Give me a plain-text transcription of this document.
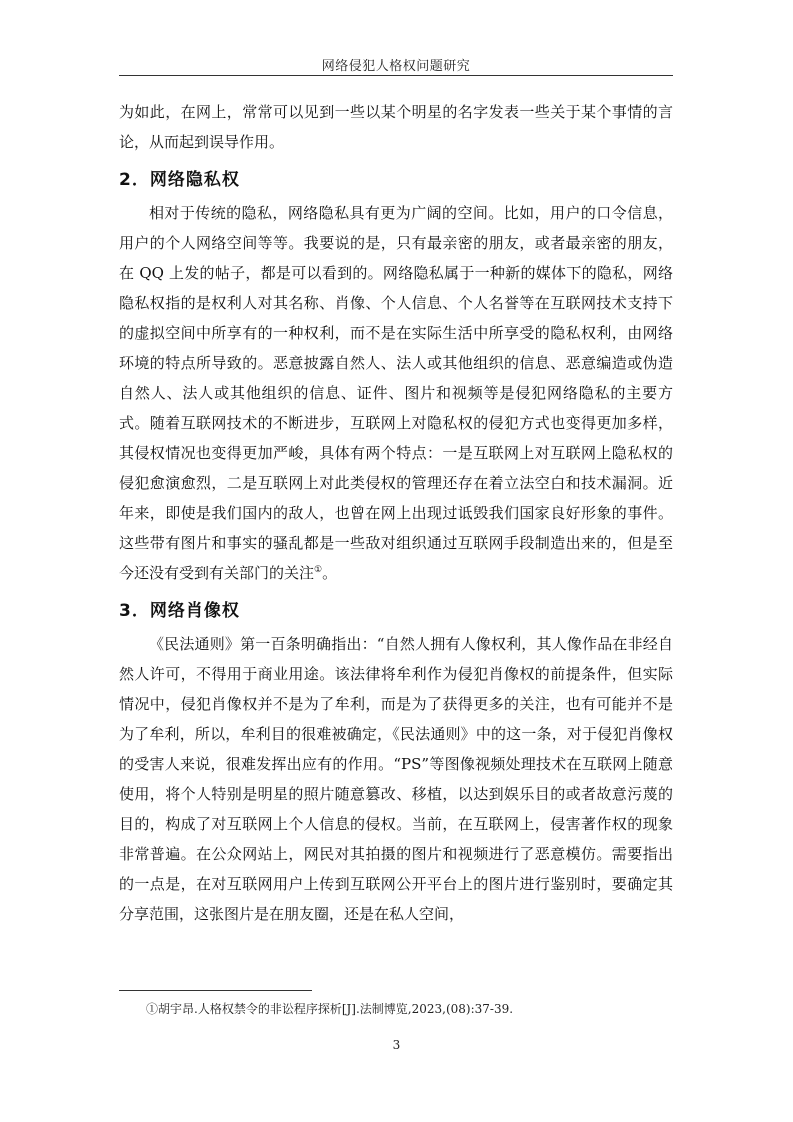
网络侵犯人格权问题研究

为如此，在网上，常常可以见到一些以某个明星的名字发表一些关于某个事情的言论，从而起到误导作用。

2．网络隐私权

相对于传统的隐私，网络隐私具有更为广阔的空间。比如，用户的口令信息，用户的个人网络空间等等。我要说的是，只有最亲密的朋友，或者最亲密的朋友，在 QQ 上发的帖子，都是可以看到的。网络隐私属于一种新的媒体下的隐私，网络隐私权指的是权利人对其名称、肖像、个人信息、个人名誉等在互联网技术支持下的虚拟空间中所享有的一种权利，而不是在实际生活中所享受的隐私权利，由网络环境的特点所导致的。恶意披露自然人、法人或其他组织的信息、恶意编造或伪造自然人、法人或其他组织的信息、证件、图片和视频等是侵犯网络隐私的主要方式。随着互联网技术的不断进步，互联网上对隐私权的侵犯方式也变得更加多样，其侵权情况也变得更加严峻，具体有两个特点：一是互联网上对互联网上隐私权的侵犯愈演愈烈，二是互联网上对此类侵权的管理还存在着立法空白和技术漏洞。近年来，即使是我们国内的敌人，也曾在网上出现过诋毁我们国家良好形象的事件。这些带有图片和事实的骚乱都是一些敌对组织通过互联网手段制造出来的，但是至今还没有受到有关部门的关注①。

3．网络肖像权

《民法通则》第一百条明确指出：“自然人拥有人像权利，其人像作品在非经自然人许可，不得用于商业用途。该法律将牟利作为侵犯肖像权的前提条件，但实际情况中，侵犯肖像权并不是为了牟利，而是为了获得更多的关注，也有可能并不是为了牟利，所以，牟利目的很难被确定，《民法通则》中的这一条，对于侵犯肖像权的受害人来说，很难发挥出应有的作用。“PS”等图像视频处理技术在互联网上随意使用，将个人特别是明星的照片随意篡改、移植，以达到娱乐目的或者故意污蔑的目的，构成了对互联网上个人信息的侵权。当前，在互联网上，侵害著作权的现象非常普遍。在公众网站上，网民对其拍摄的图片和视频进行了恶意模仿。需要指出的一点是，在对互联网用户上传到互联网公开平台上的图片进行鉴别时，要确定其分享范围，这张图片是在朋友圈，还是在私人空间，

①胡宇昂.人格权禁令的非讼程序探析[J].法制博览,2023,(08):37-39.
3
